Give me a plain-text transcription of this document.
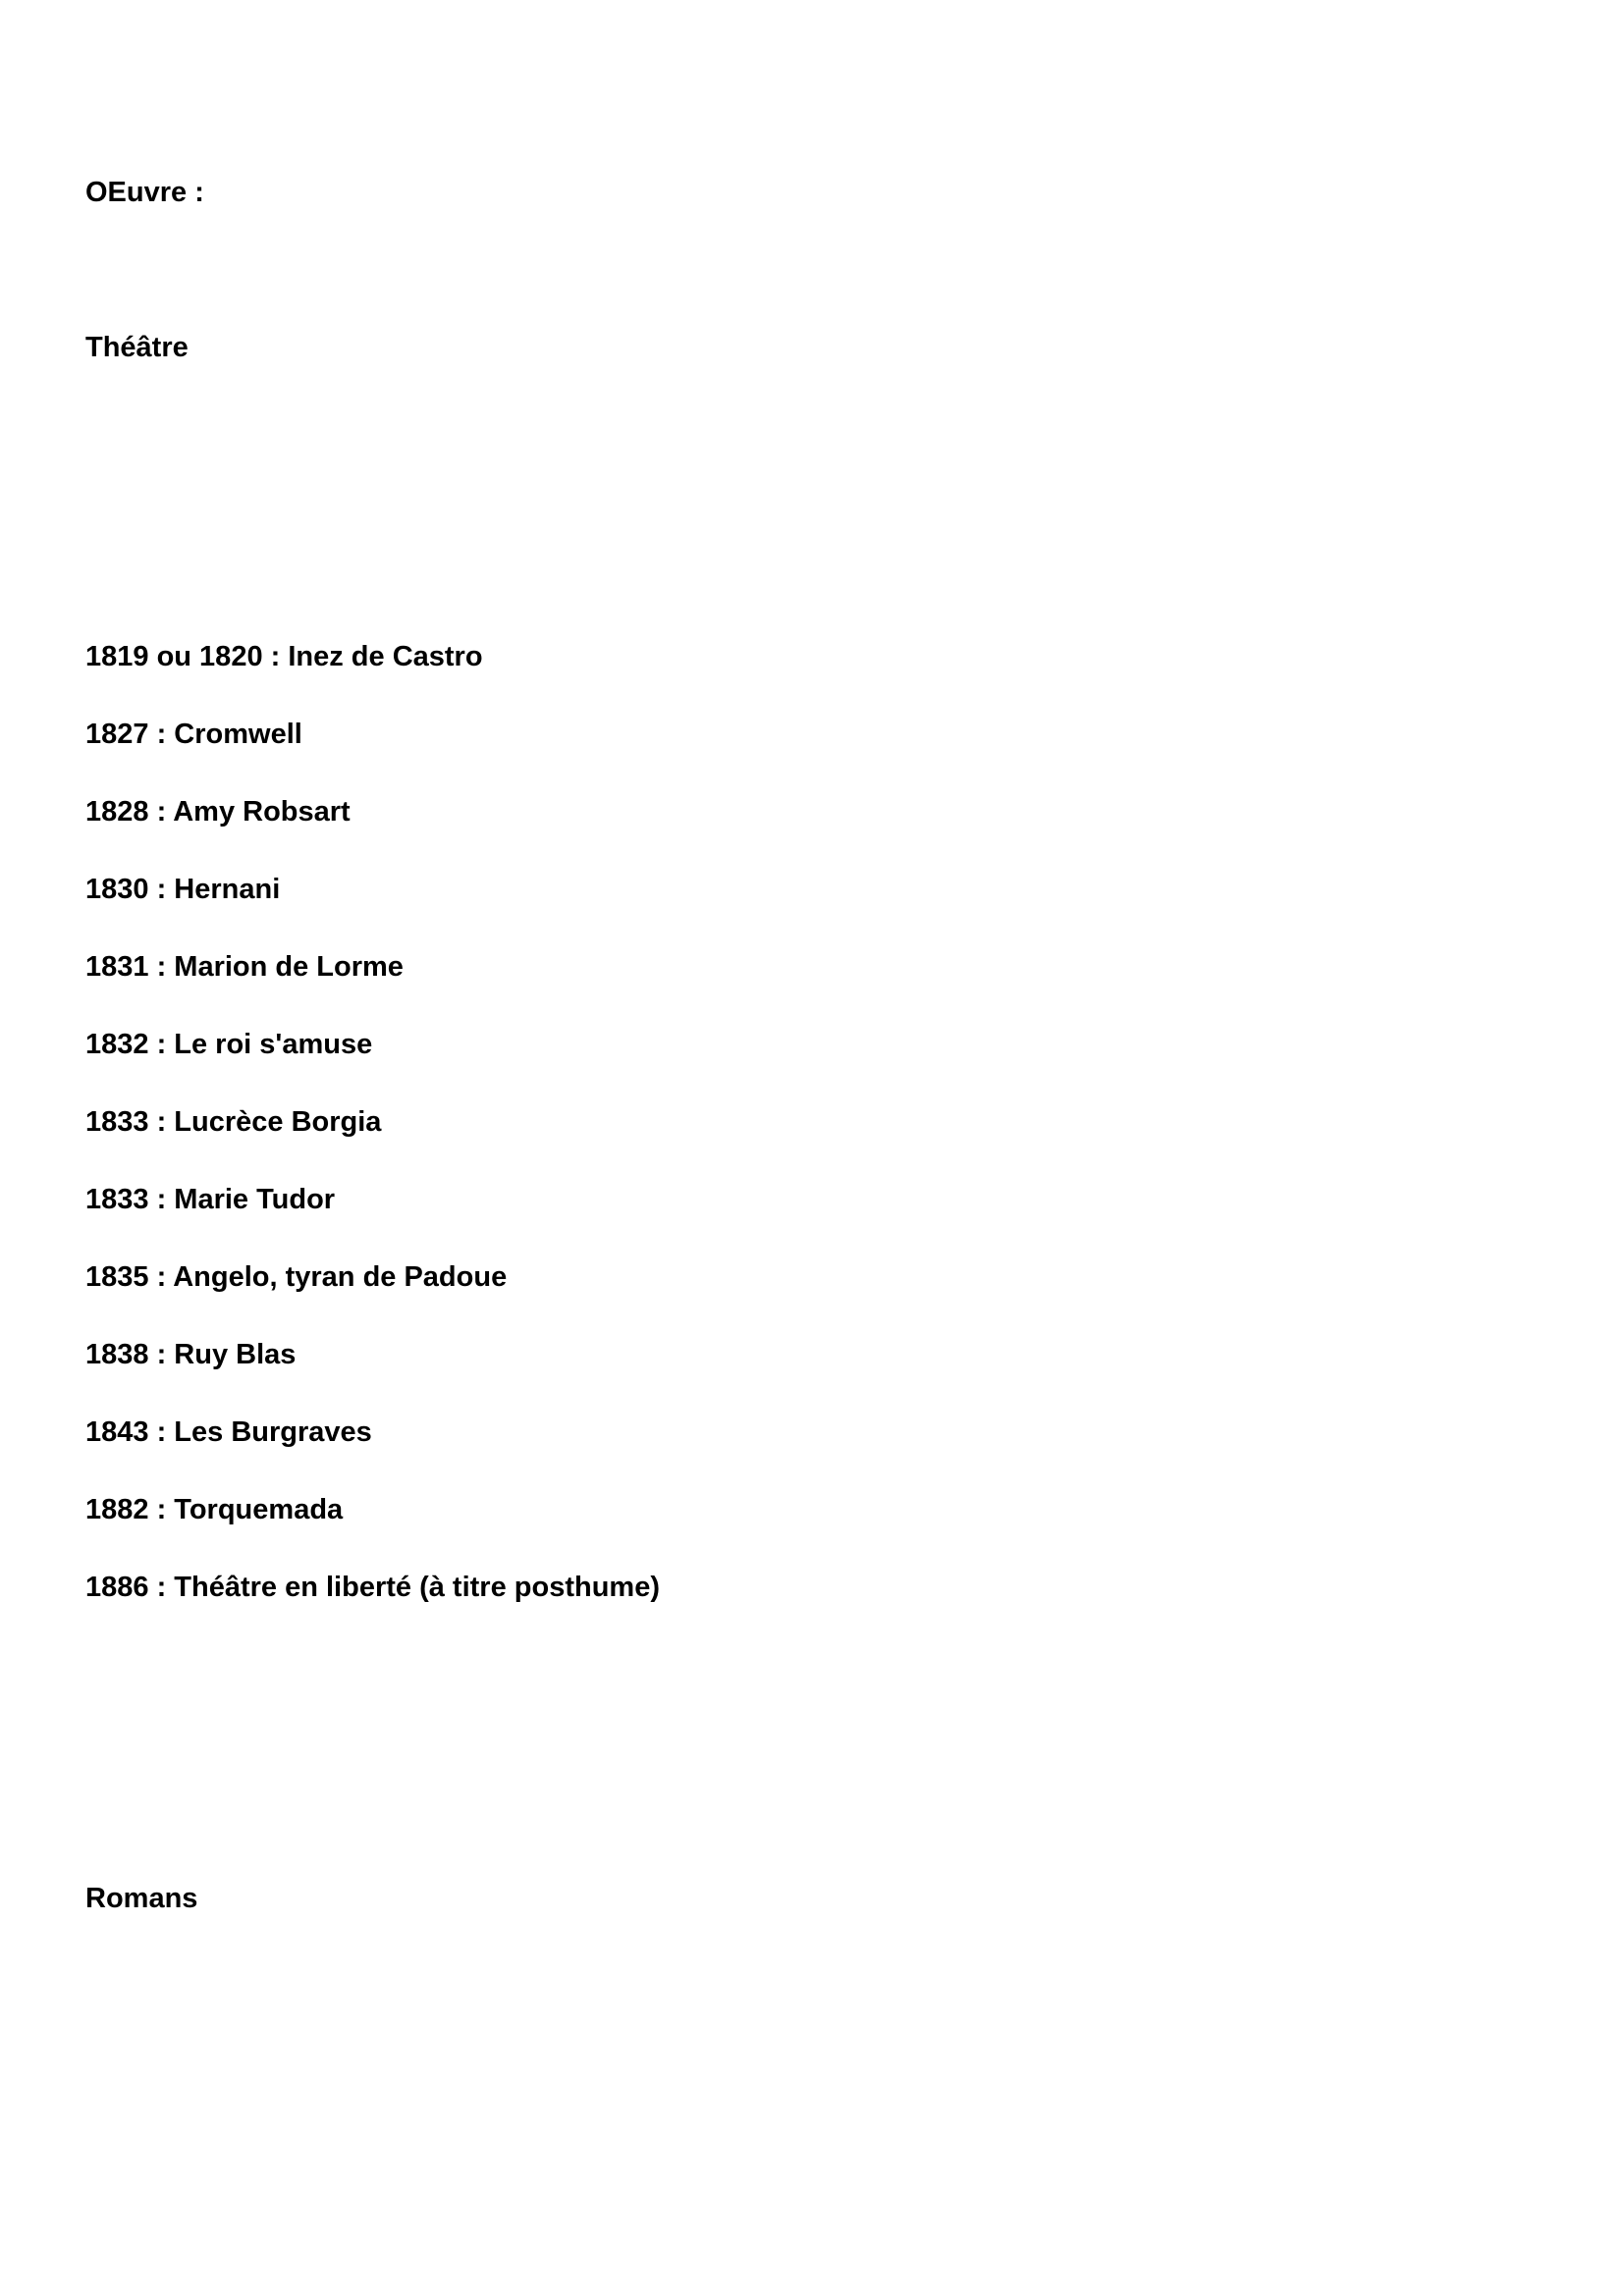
OEuvre :
Théâtre
1819 ou 1820 : Inez de Castro
1827 : Cromwell
1828 : Amy Robsart
1830 : Hernani
1831 : Marion de Lorme
1832 : Le roi s'amuse
1833 : Lucrèce Borgia
1833 : Marie Tudor
1835 : Angelo, tyran de Padoue
1838 : Ruy Blas
1843 : Les Burgraves
1882 : Torquemada
1886 : Théâtre en liberté (à titre posthume)
Romans
